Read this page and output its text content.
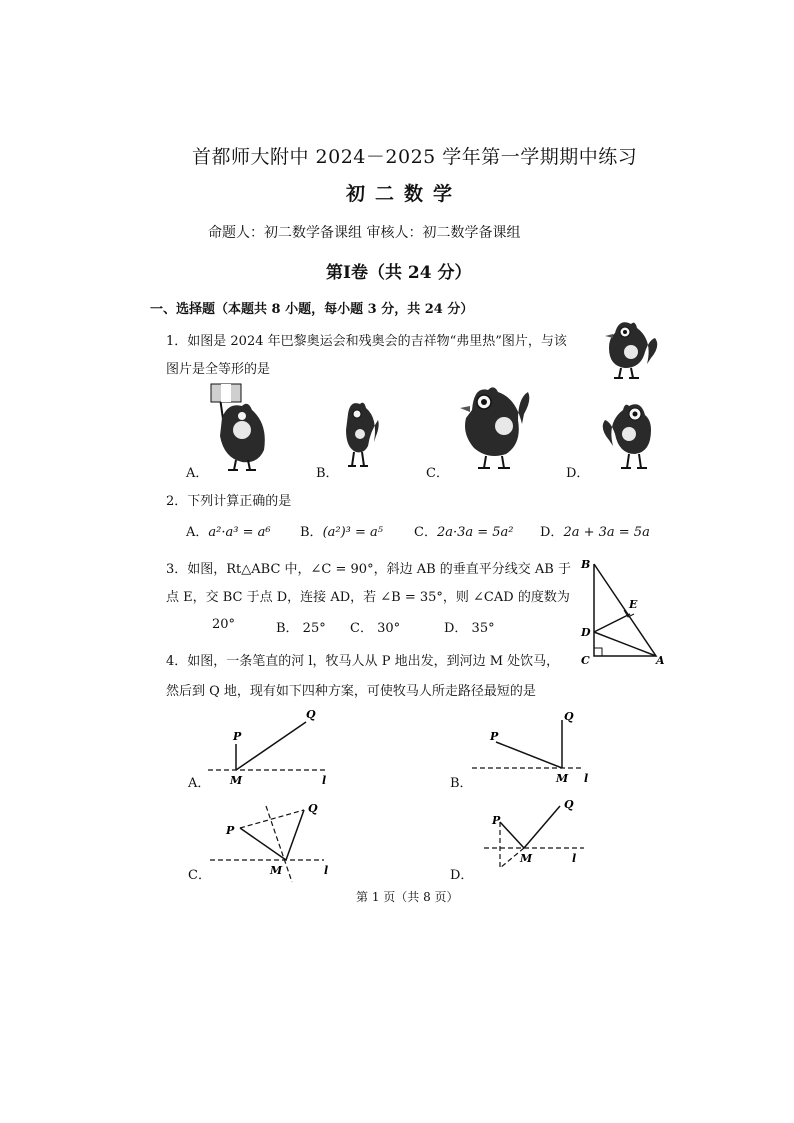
首都师大附中 2024－2025 学年第一学期期中练习
初二数学
命题人：初二数学备课组 审核人：初二数学备课组
第Ⅰ卷（共 24 分）
一、选择题（本题共 8 小题，每小题 3 分，共 24 分）
1．如图是 2024 年巴黎奥运会和残奥会的吉祥物“弗里热”图片，与该
图片是全等形的是
A．	B．	C．	D．
2．下列计算正确的是
A．a²·a³ = a⁶ B．(a²)³ = a⁵ C．2a·3a = 5a² D．2a + 3a = 5a
3．如图，Rt△ABC 中，∠C = 90°，斜边 AB 的垂直平分线交 AB 于
点 E，交 BC 于点 D，连接 AD，若 ∠B = 35°，则 ∠CAD 的度数为
20°	B． 25° C． 30°	D． 35°
B
E
D
C	A
4．如图，一条笔直的河 l，牧马人从 P 地出发，到河边 M 处饮马，
然后到 Q 地，现有如下四种方案，可使牧马人所走路径最短的是
P
Q
M	l
A．
P
Q
M l
B．
P
Q
M	l
C．
P
Q
M	l
D．
第 1 页（共 8 页）
